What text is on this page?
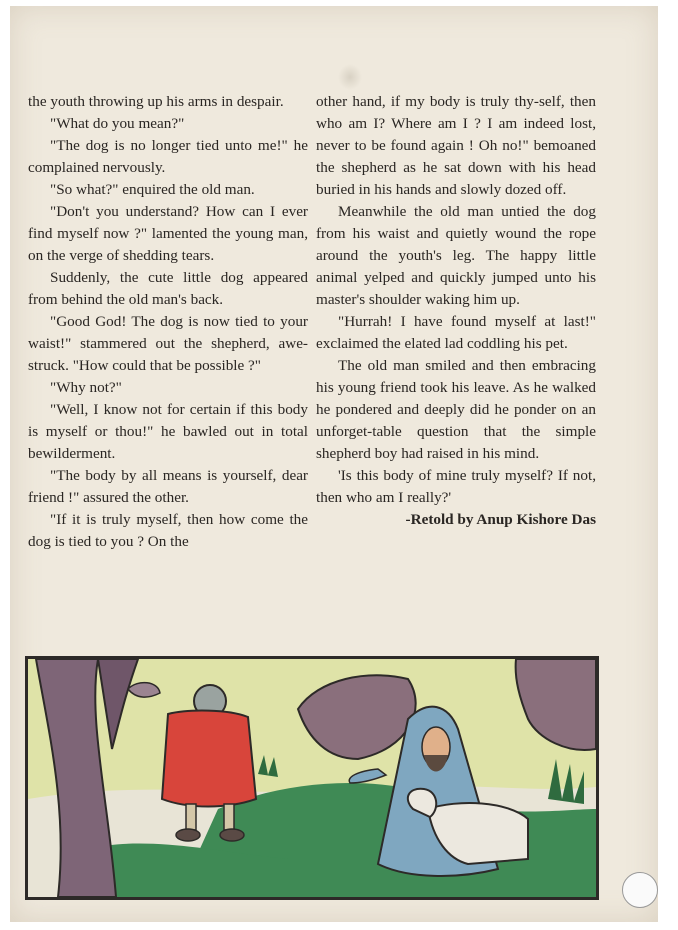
the youth throwing up his arms in despair.

"What do you mean?"

"The dog is no longer tied unto me!" he complained nervously.

"So what?" enquired the old man.

"Don't you understand? How can I ever find myself now ?" lamented the young man, on the verge of shedding tears.

Suddenly, the cute little dog appeared from behind the old man's back.

"Good God! The dog is now tied to your waist!" stammered out the shepherd, awe-struck. "How could that be possible ?"

"Why not?"

"Well, I know not for certain if this body is myself or thou!" he bawled out in total bewilderment.

"The body by all means is yourself, dear friend !" assured the other.

"If it is truly myself, then how come the dog is tied to you ? On the

other hand, if my body is truly thy-self, then who am I? Where am I ? I am indeed lost, never to be found again ! Oh no!" bemoaned the shepherd as he sat down with his head buried in his hands and slowly dozed off.

Meanwhile the old man untied the dog from his waist and quietly wound the rope around the youth's leg. The happy little animal yelped and quickly jumped unto his master's shoulder waking him up.

"Hurrah! I have found myself at last!" exclaimed the elated lad coddling his pet.

The old man smiled and then embracing his young friend took his leave. As he walked he pondered and deeply did he ponder on an unforget-table question that the simple shepherd boy had raised in his mind.

'Is this body of mine truly myself? If not, then who am I really?'

-Retold by Anup Kishore Das
